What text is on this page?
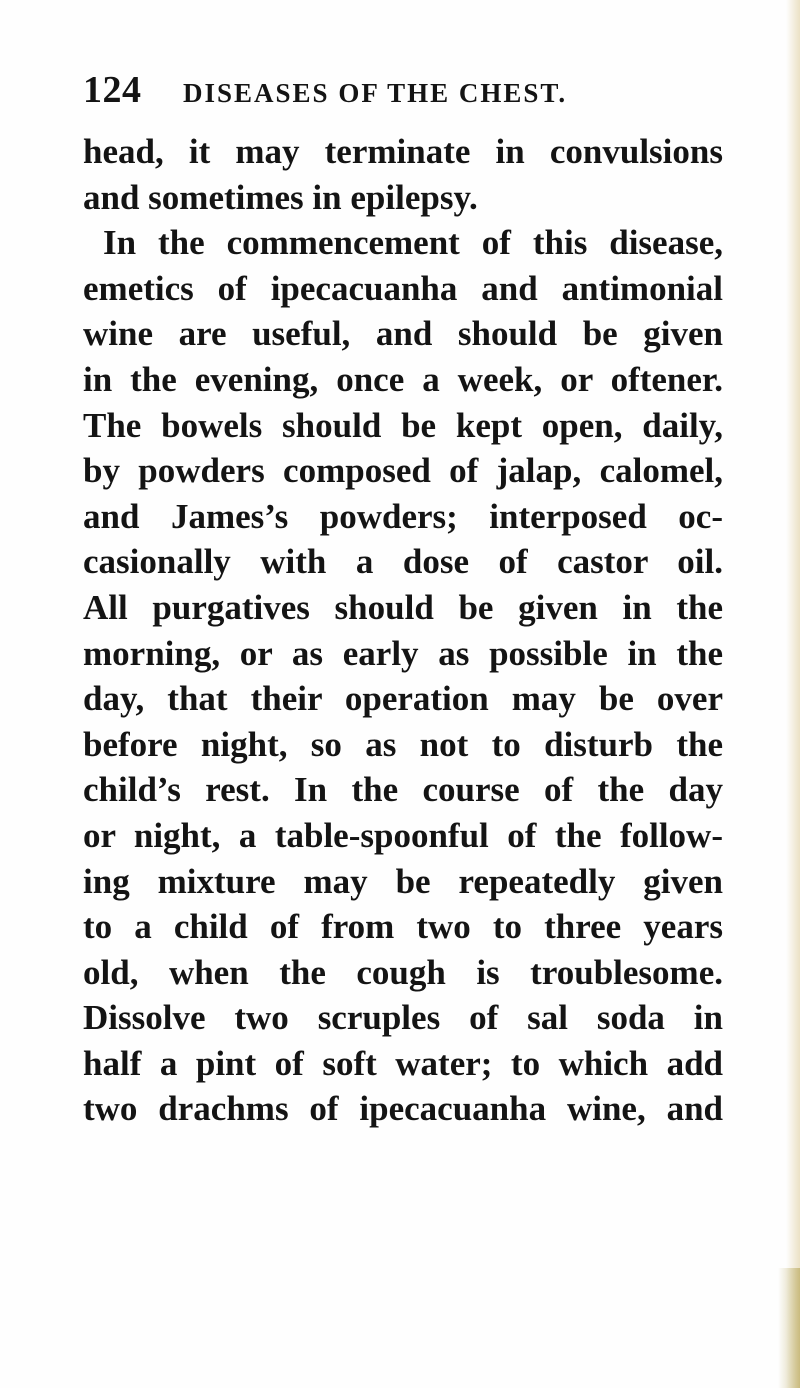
124 DISEASES OF THE CHEST.
head, it may terminate in convulsions
and sometimes in epilepsy.
In the commencement of this disease,
emetics of ipecacuanha and antimonial
wine are useful, and should be given
in the evening, once a week, or oftener.
The bowels should be kept open, daily,
by powders composed of jalap, calomel,
and James’s powders; interposed oc-
casionally with a dose of castor oil.
All purgatives should be given in the
morning, or as early as possible in the
day, that their operation may be over
before night, so as not to disturb the
child’s rest. In the course of the day
or night, a table-spoonful of the follow-
ing mixture may be repeatedly given
to a child of from two to three years
old, when the cough is troublesome.
Dissolve two scruples of sal soda in
half a pint of soft water; to which add
two drachms of ipecacuanha wine, and
